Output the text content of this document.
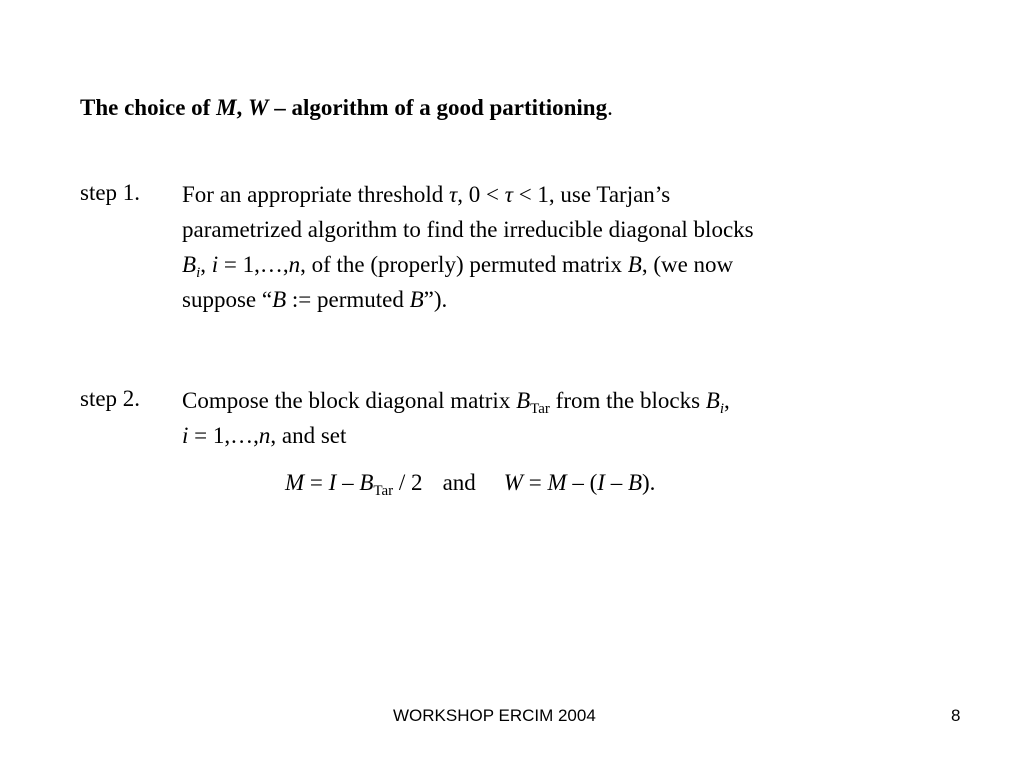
The choice of M, W – algorithm of a good partitioning.
step 1. For an appropriate threshold τ, 0 < τ < 1, use Tarjan’s
parametrized algorithm to find the irreducible diagonal blocks
$B_i$, i = 1,…,n, of the (properly) permuted matrix B, (we now
suppose “B := permuted B”).
step 2. Compose the block diagonal matrix $B_{Tar}$ from the blocks $B_i$,
i = 1,…,n, and set
$M = I - B_{Tar} / 2$ and W = M – (I – B).
WORKSHOP ERCIM 2004	8
